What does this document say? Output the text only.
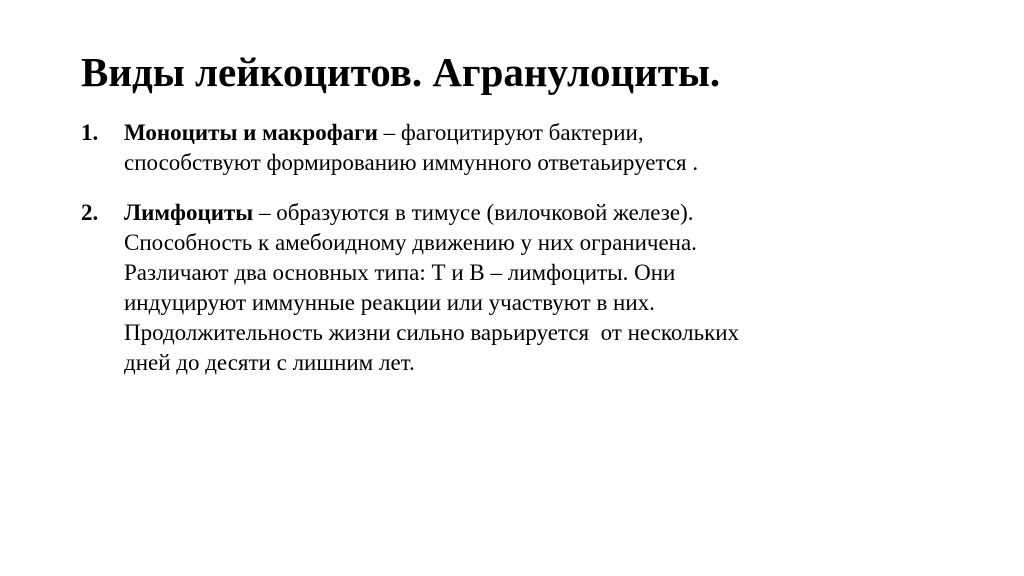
Виды лейкоцитов. Агранулоциты.
1. Моноциты и макрофаги – фагоцитируют бактерии,
способствуют формированию иммунного ответаьируется .
2. Лимфоциты – образуются в тимусе (вилочковой железе).
Способность к амебоидному движению у них ограничена.
Различают два основных типа: Т и В – лимфоциты. Они
индуцируют иммунные реакции или участвуют в них.
Продолжительность жизни сильно варьируется  от нескольких
дней до десяти с лишним лет.
